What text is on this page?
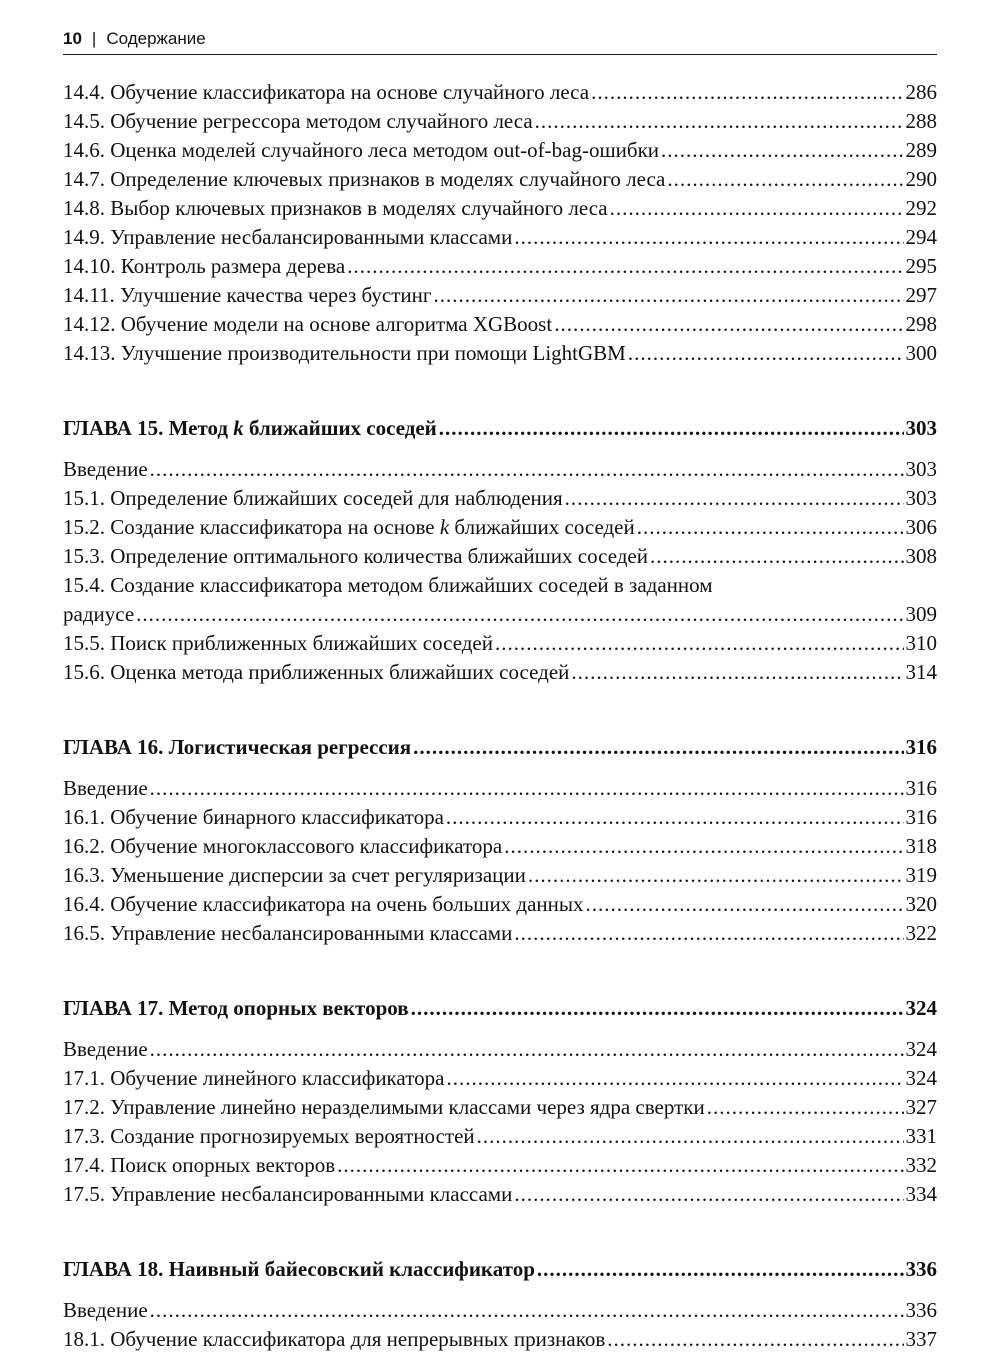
10 | Содержание
14.4. Обучение классификатора на основе случайного леса .....	286
14.5. Обучение регрессора методом случайного леса .....	288
14.6. Оценка моделей случайного леса методом out-of-bag-ошибки .....	289
14.7. Определение ключевых признаков в моделях случайного леса .....	290
14.8. Выбор ключевых признаков в моделях случайного леса .....	292
14.9. Управление несбалансированными классами .....	294
14.10. Контроль размера дерева .....	295
14.11. Улучшение качества через бустинг .....	297
14.12. Обучение модели на основе алгоритма XGBoost .....	298
14.13. Улучшение производительности при помощи LightGBM .....	300
ГЛАВА 15. Метод k ближайших соседей .....	303
Введение .....	303
15.1. Определение ближайших соседей для наблюдения .....	303
15.2. Создание классификатора на основе k ближайших соседей .....	306
15.3. Определение оптимального количества ближайших соседей .....	308
15.4. Создание классификатора методом ближайших соседей в заданном
радиусе .....	309
15.5. Поиск приближенных ближайших соседей .....	310
15.6. Оценка метода приближенных ближайших соседей .....	314
ГЛАВА 16. Логистическая регрессия .....	316
Введение .....	316
16.1. Обучение бинарного классификатора .....	316
16.2. Обучение многоклассового классификатора .....	318
16.3. Уменьшение дисперсии за счет регуляризации .....	319
16.4. Обучение классификатора на очень больших данных .....	320
16.5. Управление несбалансированными классами .....	322
ГЛАВА 17. Метод опорных векторов .....	324
Введение .....	324
17.1. Обучение линейного классификатора .....	324
17.2. Управление линейно неразделимыми классами через ядра свертки .....	327
17.3. Создание прогнозируемых вероятностей .....	331
17.4. Поиск опорных векторов .....	332
17.5. Управление несбалансированными классами .....	334
ГЛАВА 18. Наивный байесовский классификатор .....	336
Введение .....	336
18.1. Обучение классификатора для непрерывных признаков .....	337
